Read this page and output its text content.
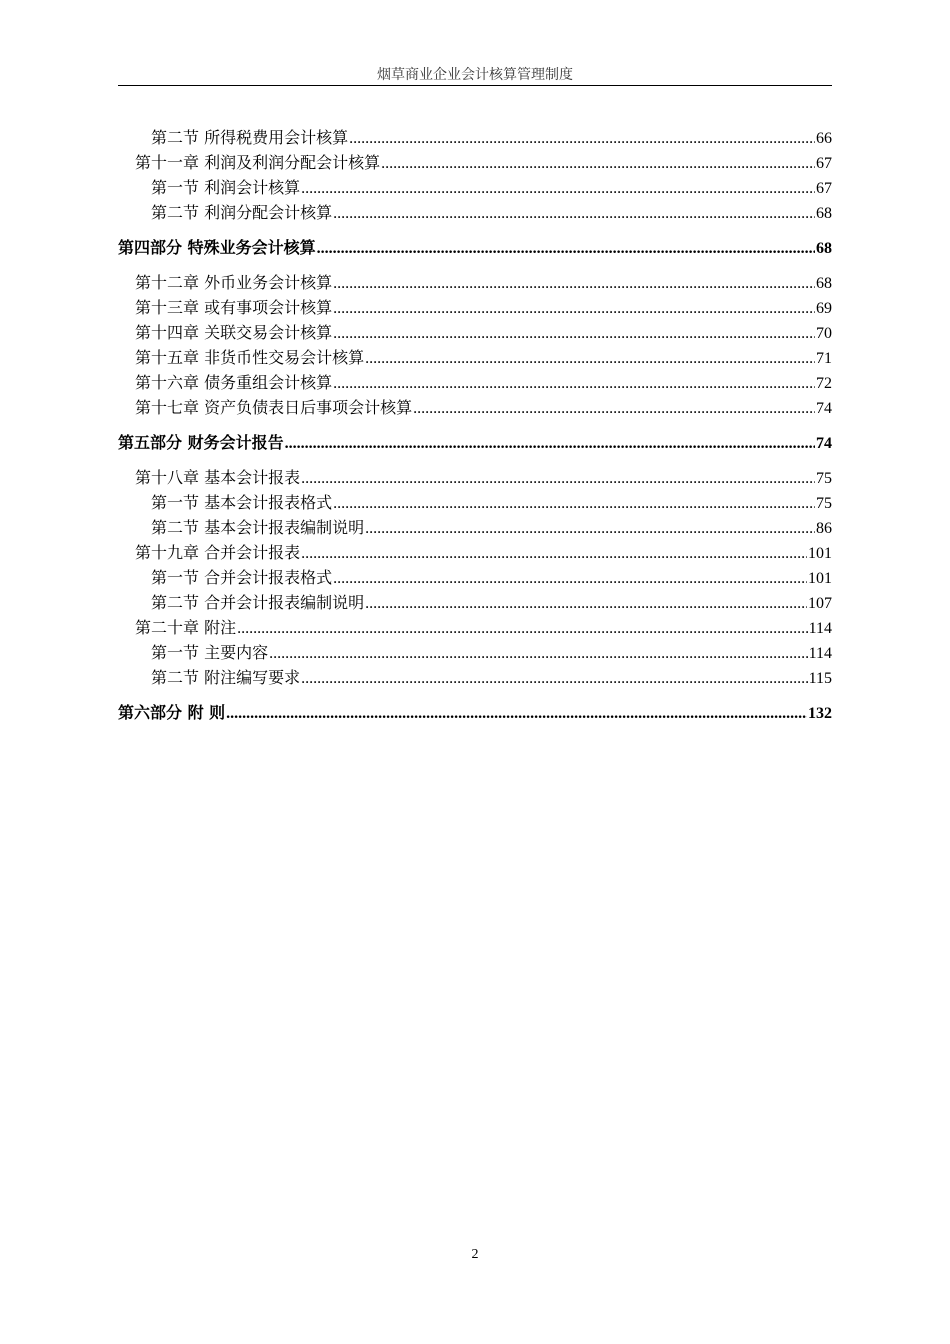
烟草商业企业会计核算管理制度
第二节 所得税费用会计核算 .....	66
第十一章 利润及利润分配会计核算 .....	67
第一节 利润会计核算 .....	67
第二节 利润分配会计核算 .....	68
第四部分 特殊业务会计核算 .....	68
第十二章 外币业务会计核算 .....	68
第十三章 或有事项会计核算 .....	69
第十四章 关联交易会计核算 .....	70
第十五章 非货币性交易会计核算 .....	71
第十六章 债务重组会计核算 .....	72
第十七章 资产负债表日后事项会计核算 .....	74
第五部分 财务会计报告 .....	74
第十八章 基本会计报表 .....	75
第一节 基本会计报表格式 .....	75
第二节 基本会计报表编制说明 .....	86
第十九章 合并会计报表 .....	101
第一节 合并会计报表格式 .....	101
第二节 合并会计报表编制说明 .....	107
第二十章 附注 .....	114
第一节 主要内容 .....	114
第二节 附注编写要求 .....	115
第六部分 附 则 .....	132
2
